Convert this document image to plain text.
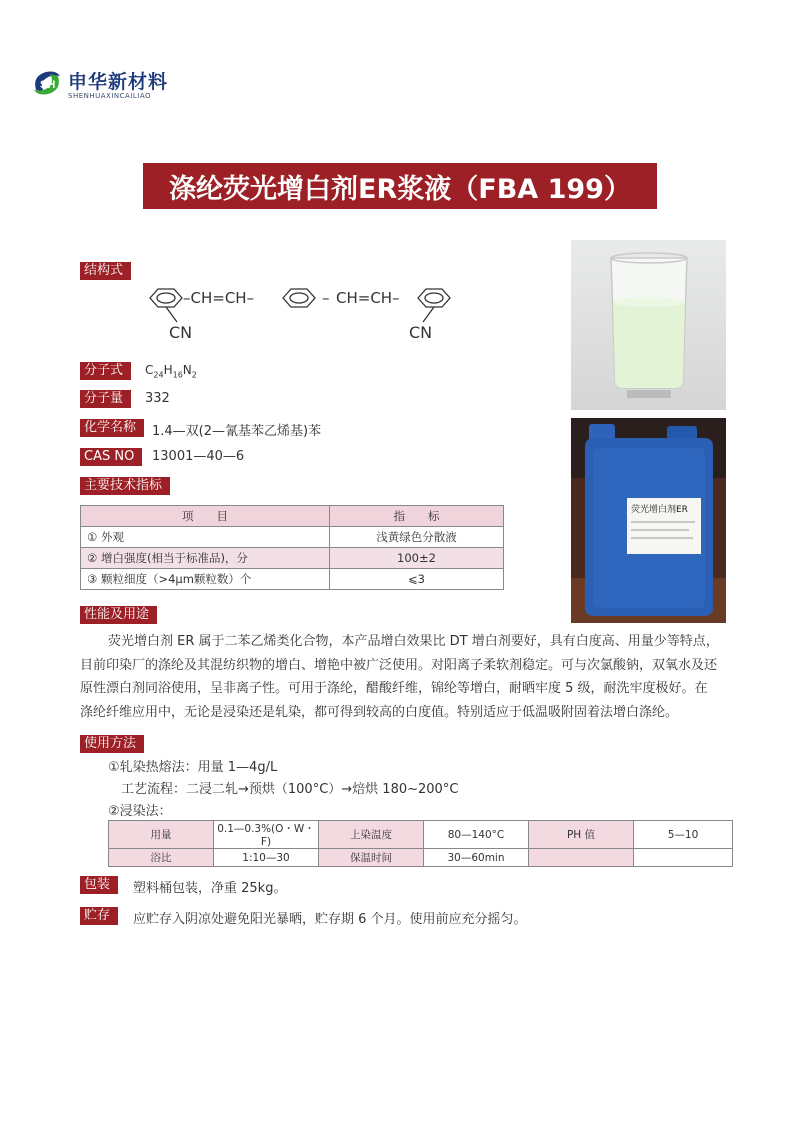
SH 申华新材料
SHENHUAXINCAILIAO
涤纶荧光增白剂ER浆液（FBA 199）
结构式
–CH=CH–	– CH=CH–
CN	CN
分子式	$C_{24}H_{16}N_2$
分子量	332
化学名称	1.4—双(2—氰基苯乙烯基)苯
CAS NO	13001—40—6
主要技术指标
项　　目	指　　标
① 外观	浅黄绿色分散液
② 增白强度(相当于标准品)，分	100±2
③ 颗粒细度（>4μm颗粒数）个	⩽3
荧光增白剂ER
性能及用途
荧光增白剂 ER 属于二苯乙烯类化合物，本产品增白效果比 DT 增白剂要好，具有白度高、用量少等特点，目前印染厂的涤纶及其混纺织物的增白、增艳中被广泛使用。对阳离子柔软剂稳定。可与次氯酸钠，双氧水及还原性漂白剂同浴使用，呈非离子性。可用于涤纶，醋酸纤维，锦纶等增白，耐晒牢度 5 级，耐洗牢度极好。在涤纶纤维应用中，无论是浸染还是轧染，都可得到较高的白度值。特别适应于低温吸附固着法增白涤纶。
使用方法
①轧染热熔法：用量 1—4g/L
工艺流程：二浸二轧→预烘（100°C）→焙烘 180~200°C
②浸染法：
用量	0.1—0.3%(O・W・F)	上染温度	80—140°C	PH 值	5—10
浴比	1:10—30	保温时间	30—60min		
包装	塑料桶包装，净重 25kg。
贮存	应贮存入阴凉处避免阳光暴晒，贮存期 6 个月。使用前应充分摇匀。
